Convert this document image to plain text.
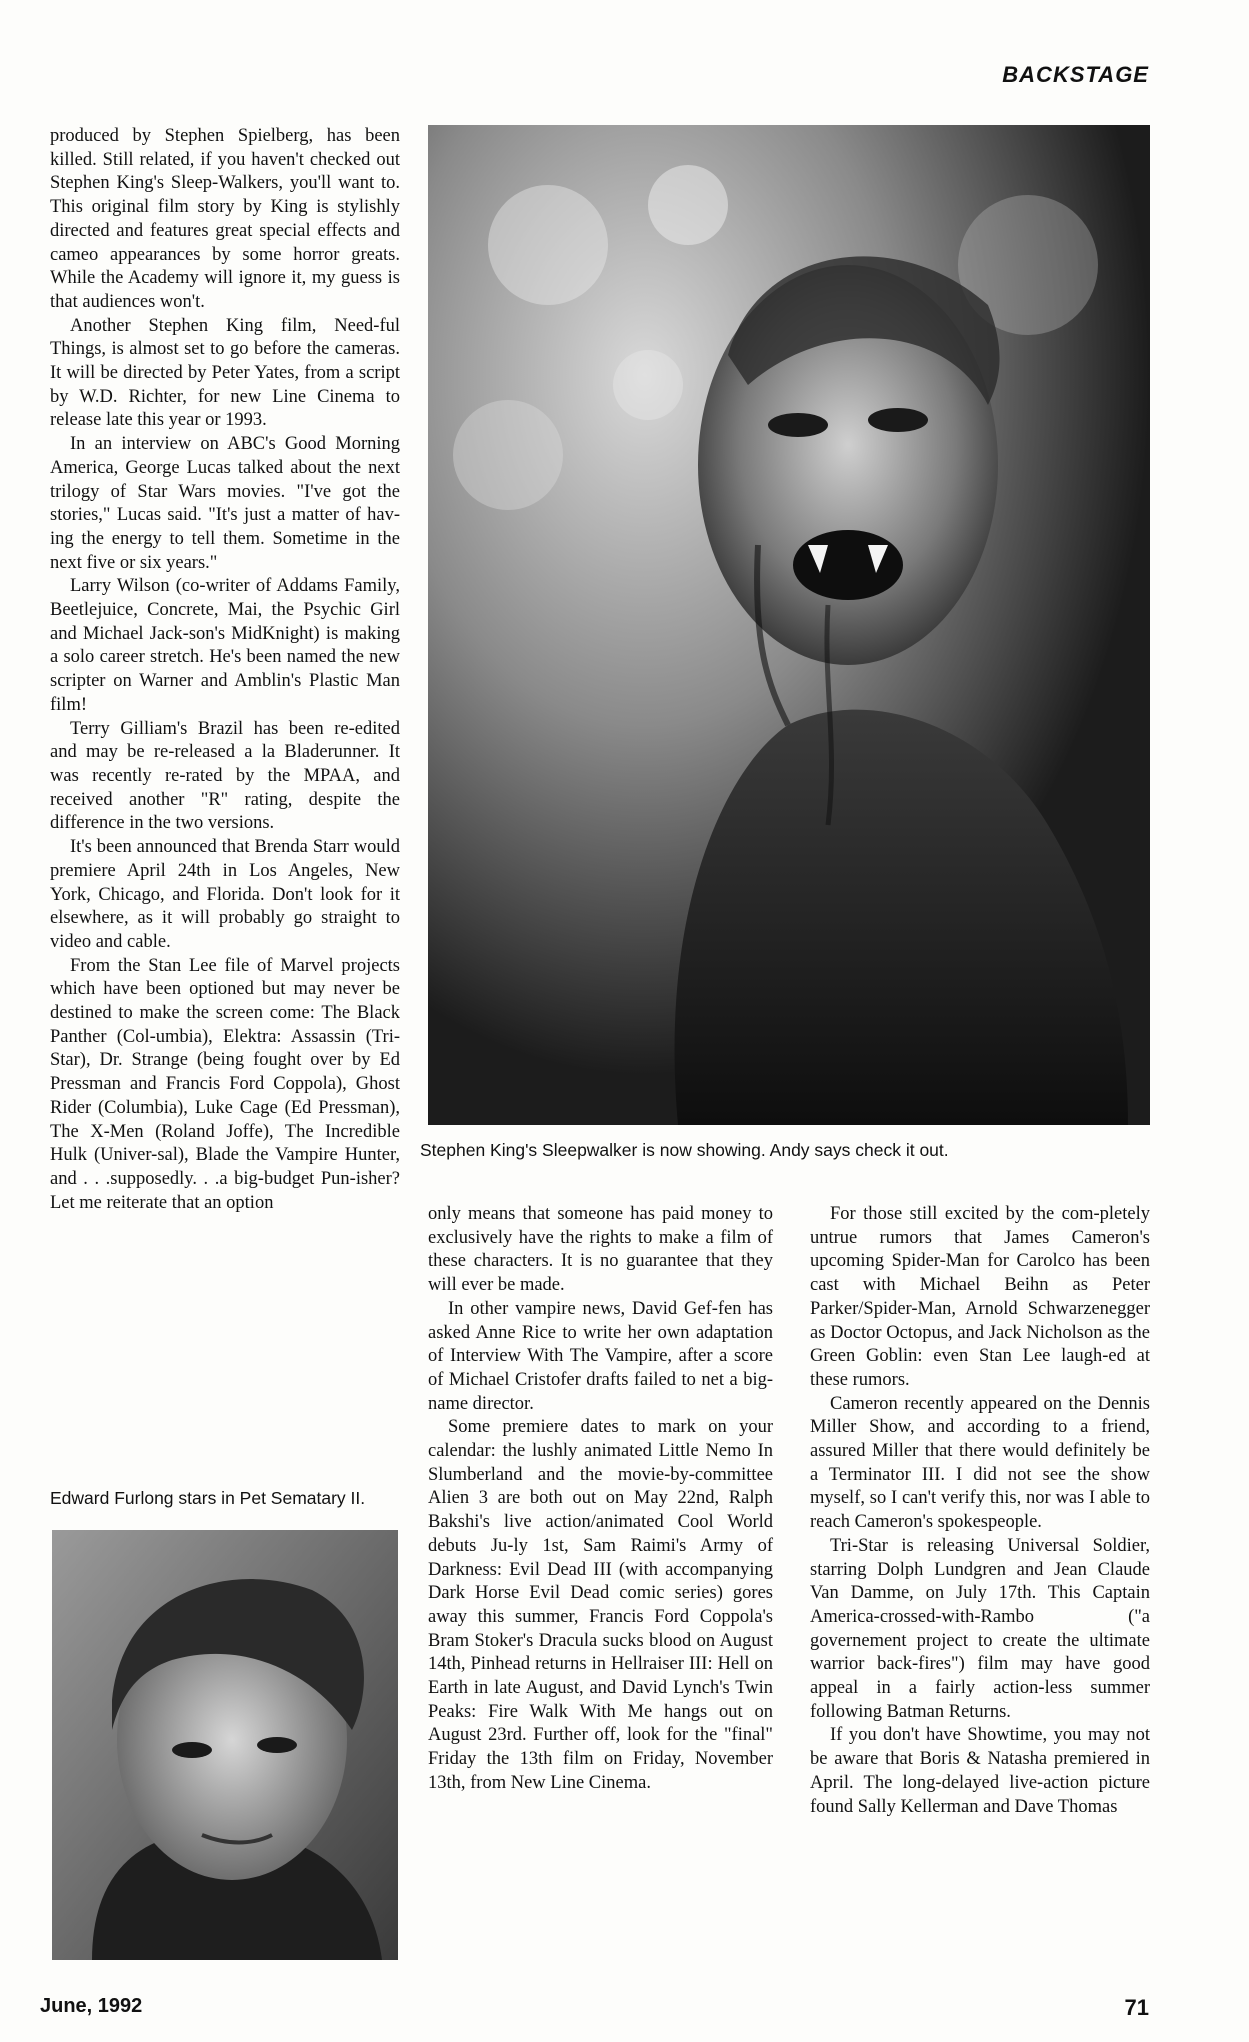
BACKSTAGE

produced by Stephen Spielberg, has been killed. Still related, if you haven't checked out Stephen King's Sleep-Walkers, you'll want to. This original film story by King is stylishly directed and features great special effects and cameo appearances by some horror greats. While the Academy will ignore it, my guess is that audiences won't.

Another Stephen King film, Need-ful Things, is almost set to go before the cameras. It will be directed by Peter Yates, from a script by W.D. Richter, for new Line Cinema to release late this year or 1993.

In an interview on ABC's Good Morning America, George Lucas talked about the next trilogy of Star Wars movies. "I've got the stories," Lucas said. "It's just a matter of hav-ing the energy to tell them. Sometime in the next five or six years."

Larry Wilson (co-writer of Addams Family, Beetlejuice, Concrete, Mai, the Psychic Girl and Michael Jack-son's MidKnight) is making a solo career stretch. He's been named the new scripter on Warner and Amblin's Plastic Man film!

Terry Gilliam's Brazil has been re-edited and may be re-released a la Bladerunner. It was recently re-rated by the MPAA, and received another "R" rating, despite the difference in the two versions.

It's been announced that Brenda Starr would premiere April 24th in Los Angeles, New York, Chicago, and Florida. Don't look for it elsewhere, as it will probably go straight to video and cable.

From the Stan Lee file of Marvel projects which have been optioned but may never be destined to make the screen come: The Black Panther (Col-umbia), Elektra: Assassin (Tri-Star), Dr. Strange (being fought over by Ed Pressman and Francis Ford Coppola), Ghost Rider (Columbia), Luke Cage (Ed Pressman), The X-Men (Roland Joffe), The Incredible Hulk (Univer-sal), Blade the Vampire Hunter, and . . .supposedly. . .a big-budget Pun-isher? Let me reiterate that an option

Stephen King's Sleepwalker is now showing. Andy says check it out.

only means that someone has paid money to exclusively have the rights to make a film of these characters. It is no guarantee that they will ever be made.

In other vampire news, David Gef-fen has asked Anne Rice to write her own adaptation of Interview With The Vampire, after a score of Michael Cristofer drafts failed to net a big-name director.

Some premiere dates to mark on your calendar: the lushly animated Little Nemo In Slumberland and the movie-by-committee Alien 3 are both out on May 22nd, Ralph Bakshi's live action/animated Cool World debuts Ju-ly 1st, Sam Raimi's Army of Darkness: Evil Dead III (with accompanying Dark Horse Evil Dead comic series) gores away this summer, Francis Ford Coppola's Bram Stoker's Dracula sucks blood on August 14th, Pinhead returns in Hellraiser III: Hell on Earth in late August, and David Lynch's Twin Peaks: Fire Walk With Me hangs out on August 23rd. Further off, look for the "final" Friday the 13th film on Friday, November 13th, from New Line Cinema.

For those still excited by the com-pletely untrue rumors that James Cameron's upcoming Spider-Man for Carolco has been cast with Michael Beihn as Peter Parker/Spider-Man, Arnold Schwarzenegger as Doctor Octopus, and Jack Nicholson as the Green Goblin: even Stan Lee laugh-ed at these rumors.

Cameron recently appeared on the Dennis Miller Show, and according to a friend, assured Miller that there would definitely be a Terminator III. I did not see the show myself, so I can't verify this, nor was I able to reach Cameron's spokespeople.

Tri-Star is releasing Universal Soldier, starring Dolph Lundgren and Jean Claude Van Damme, on July 17th. This Captain America-crossed-with-Rambo ("a governement project to create the ultimate warrior back-fires") film may have good appeal in a fairly action-less summer following Batman Returns.

If you don't have Showtime, you may not be aware that Boris & Natasha premiered in April. The long-delayed live-action picture found Sally Kellerman and Dave Thomas

Edward Furlong stars in Pet Sematary II.
June, 1992	71
